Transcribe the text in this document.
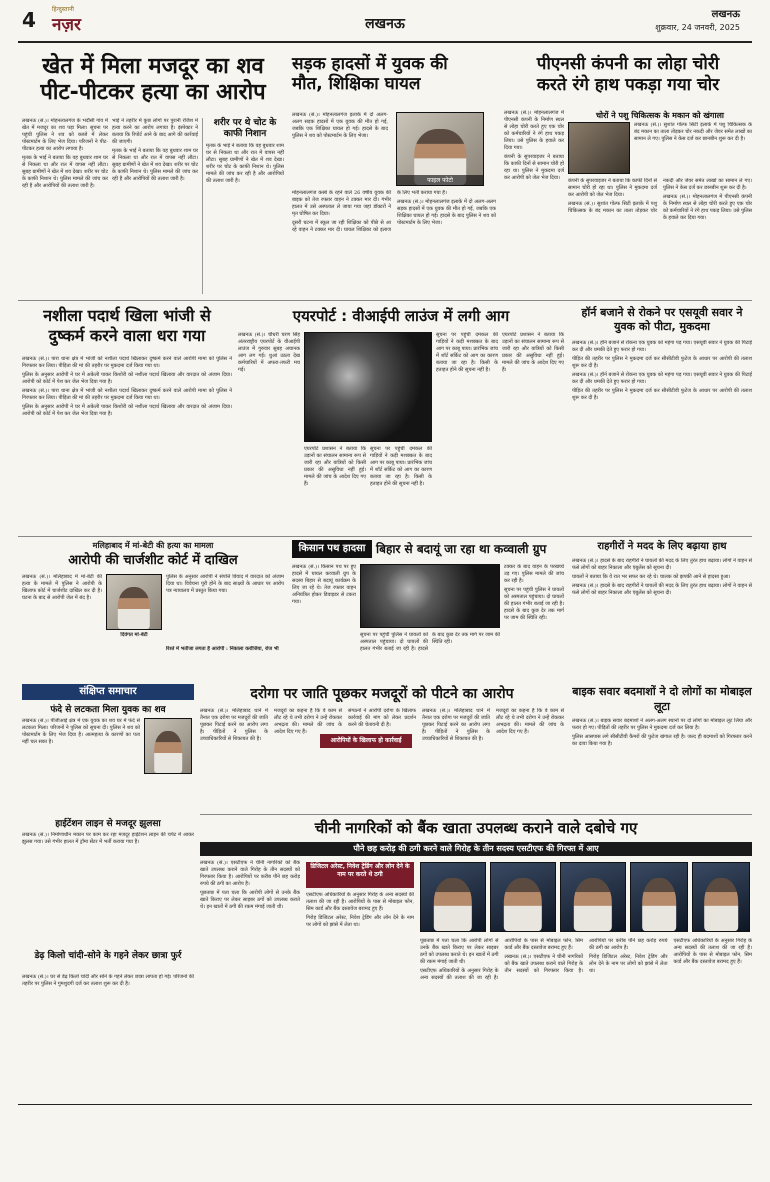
4	हिन्दुस्तानी
नज़र	लखनऊ
लखनऊ
शुक्रवार, 24 जनवरी, 2025
खेत में मिला मजदूर का शव
पीट-पीटकर हत्या का आरोप

लखनऊ (सं.)। मोहनलालगंज के भदौसी गांव में खेत में मजदूर का शव पड़ा मिला। सूचना पर पहुंची पुलिस ने शव को कब्जे में लेकर पोस्टमार्टम के लिए भेज दिया। परिजनों ने पीट-पीटकर हत्या का आरोप लगाया है।

मृतक के भाई ने बताया कि वह बुधवार शाम घर से निकला था और रात में वापस नहीं लौटा। सुबह ग्रामीणों ने खेत में शव देखा। शरीर पर चोट के काफी निशान थे। पुलिस मामले की जांच कर रही है और आरोपियों की तलाश जारी है।

भाई ने तहरीर में कुछ लोगों पर पुरानी रंजिश में हत्या करने का आरोप लगाया है। इंस्पेक्टर ने बताया कि रिपोर्ट आने के बाद आगे की कार्रवाई की जाएगी।

मृतक के भाई ने बताया कि वह बुधवार शाम घर से निकला था और रात में वापस नहीं लौटा। सुबह ग्रामीणों ने खेत में शव देखा। शरीर पर चोट के काफी निशान थे। पुलिस मामले की जांच कर रही है और आरोपियों की तलाश जारी है।

शरीर पर थे चोट के काफी निशान
मृतक के भाई ने बताया कि वह बुधवार शाम घर से निकला था और रात में वापस नहीं लौटा। सुबह ग्रामीणों ने खेत में शव देखा। शरीर पर चोट के काफी निशान थे। पुलिस मामले की जांच कर रही है और आरोपियों की तलाश जारी है।
सड़क हादसों में युवक की
मौत, शिक्षिका घायल
लखनऊ (सं.)। मोहनलालगंज इलाके में दो अलग-अलग सड़क हादसों में एक युवक की मौत हो गई, जबकि एक शिक्षिका घायल हो गई। हादसे के बाद पुलिस ने शव को पोस्टमार्टम के लिए भेजा।
फाइल फोटो

मोहनलालगंज कस्बे के रहने वाले 26 वर्षीय युवक की बाइक को तेज रफ्तार वाहन ने टक्कर मार दी। गंभीर हालत में उसे अस्पताल ले जाया गया जहां डॉक्टरों ने मृत घोषित कर दिया।

दूसरी घटना में स्कूल जा रही शिक्षिका को पीछे से आ रहे वाहन ने टक्कर मार दी। घायल शिक्षिका को इलाज के लिए भर्ती कराया गया है।

लखनऊ (सं.)। मोहनलालगंज इलाके में दो अलग-अलग सड़क हादसों में एक युवक की मौत हो गई, जबकि एक शिक्षिका घायल हो गई। हादसे के बाद पुलिस ने शव को पोस्टमार्टम के लिए भेजा।

पीएनसी कंपनी का लोहा चोरी
करते रंगे हाथ पकड़ा गया चोर

लखनऊ (सं.)। मोहनलालगंज में पीएनसी कंपनी के निर्माण स्थल से लोहा चोरी करते हुए एक चोर को कर्मचारियों ने रंगे हाथ पकड़ लिया। उसे पुलिस के हवाले कर दिया गया।

कंपनी के सुपरवाइजर ने बताया कि काफी दिनों से सामान चोरी हो रहा था। पुलिस ने मुकदमा दर्ज कर आरोपी को जेल भेज दिया।

चोरों ने पशु चिकित्सक के मकान को खंगाला
लखनऊ (सं.)। सुशांत गोल्फ सिटी इलाके में पशु चिकित्सक के बंद मकान का ताला तोड़कर चोर नकदी और जेवर समेत लाखों का सामान ले गए। पुलिस ने केस दर्ज कर छानबीन शुरू कर दी है।

कंपनी के सुपरवाइजर ने बताया कि काफी दिनों से सामान चोरी हो रहा था। पुलिस ने मुकदमा दर्ज कर आरोपी को जेल भेज दिया।

लखनऊ (सं.)। सुशांत गोल्फ सिटी इलाके में पशु चिकित्सक के बंद मकान का ताला तोड़कर चोर नकदी और जेवर समेत लाखों का सामान ले गए। पुलिस ने केस दर्ज कर छानबीन शुरू कर दी है।

लखनऊ (सं.)। मोहनलालगंज में पीएनसी कंपनी के निर्माण स्थल से लोहा चोरी करते हुए एक चोर को कर्मचारियों ने रंगे हाथ पकड़ लिया। उसे पुलिस के हवाले कर दिया गया।

नशीला पदार्थ खिला भांजी से
दुष्कर्म करने वाला धरा गया

लखनऊ (सं.)। पारा थाना क्षेत्र में भांजी को नशीला पदार्थ खिलाकर दुष्कर्म करने वाले आरोपी मामा को पुलिस ने गिरफ्तार कर लिया। पीड़िता की मां की तहरीर पर मुकदमा दर्ज किया गया था।

पुलिस के अनुसार आरोपी ने घर में अकेली पाकर किशोरी को नशीला पदार्थ खिलाया और वारदात को अंजाम दिया। आरोपी को कोर्ट में पेश कर जेल भेज दिया गया है।

लखनऊ (सं.)। पारा थाना क्षेत्र में भांजी को नशीला पदार्थ खिलाकर दुष्कर्म करने वाले आरोपी मामा को पुलिस ने गिरफ्तार कर लिया। पीड़िता की मां की तहरीर पर मुकदमा दर्ज किया गया था।

पुलिस के अनुसार आरोपी ने घर में अकेली पाकर किशोरी को नशीला पदार्थ खिलाया और वारदात को अंजाम दिया। आरोपी को कोर्ट में पेश कर जेल भेज दिया गया है।

एयरपोर्ट : वीआईपी लाउंज में लगी आग
लखनऊ (सं.)। चौधरी चरण सिंह अंतरराष्ट्रीय एयरपोर्ट के वीआईपी लाउंज में गुरुवार सुबह अचानक आग लग गई। धुआं उठता देख कर्मचारियों में अफरा-तफरी मच गई।
सूचना पर पहुंची दमकल की गाड़ियों ने कड़ी मशक्कत के बाद आग पर काबू पाया। प्रारंभिक जांच में शॉर्ट सर्किट को आग का कारण बताया जा रहा है। किसी के हताहत होने की सूचना नहीं है।
एयरपोर्ट प्रशासन ने बताया कि उड़ानों का संचालन सामान्य रूप से जारी रहा और यात्रियों को किसी प्रकार की असुविधा नहीं हुई। मामले की जांच के आदेश दिए गए हैं।

एयरपोर्ट प्रशासन ने बताया कि उड़ानों का संचालन सामान्य रूप से जारी रहा और यात्रियों को किसी प्रकार की असुविधा नहीं हुई। मामले की जांच के आदेश दिए गए हैं।

सूचना पर पहुंची दमकल की गाड़ियों ने कड़ी मशक्कत के बाद आग पर काबू पाया। प्रारंभिक जांच में शॉर्ट सर्किट को आग का कारण बताया जा रहा है। किसी के हताहत होने की सूचना नहीं है।

हॉर्न बजाने से रोकने पर एसयूवी सवार ने युवक को पीटा, मुकदमा

लखनऊ (सं.)। हॉर्न बजाने से रोकना एक युवक को महंगा पड़ गया। एसयूवी सवार ने युवक की पिटाई कर दी और धमकी देते हुए फरार हो गया।

पीड़ित की तहरीर पर पुलिस ने मुकदमा दर्ज कर सीसीटीवी फुटेज के आधार पर आरोपी की तलाश शुरू कर दी है।

लखनऊ (सं.)। हॉर्न बजाने से रोकना एक युवक को महंगा पड़ गया। एसयूवी सवार ने युवक की पिटाई कर दी और धमकी देते हुए फरार हो गया।

पीड़ित की तहरीर पर पुलिस ने मुकदमा दर्ज कर सीसीटीवी फुटेज के आधार पर आरोपी की तलाश शुरू कर दी है।

मलिहाबाद में मां-बेटी की हत्या का मामला
आरोपी की चार्जशीट कोर्ट में दाखिल
लखनऊ (सं.)। मलिहाबाद में मां-बेटी की हत्या के मामले में पुलिस ने आरोपी के खिलाफ कोर्ट में चार्जशीट दाखिल कर दी है। घटना के बाद से आरोपी जेल में बंद है।
दिवंगत मां-बेटी
पुलिस के अनुसार आरोपी ने संपत्ति विवाद में वारदात को अंजाम दिया था। विवेचना पूरी होने के बाद साक्ष्यों के आधार पर आरोप पत्र न्यायालय में प्रस्तुत किया गया।
रिश्ते में भतीजा लगता है आरोपी : निकाला करोंजिया, रोज भी
किसान पथ हादसा बिहार से बदायूं जा रहा था कव्वाली ग्रुप
लखनऊ (सं.)। किसान पथ पर हुए हादसे में घायल कव्वाली ग्रुप के सदस्य बिहार से बदायूं कार्यक्रम के लिए जा रहे थे। तेज रफ्तार वाहन अनियंत्रित होकर डिवाइडर से टकरा गया।

सूचना पर पहुंची पुलिस ने घायलों को अस्पताल पहुंचाया। दो घायलों की हालत गंभीर बताई जा रही है। हादसे के बाद कुछ देर तक मार्ग पर जाम की स्थिति रही।

टक्कर के बाद वाहन के परखच्चे उड़ गए। पुलिस मामले की जांच कर रही है।

सूचना पर पहुंची पुलिस ने घायलों को अस्पताल पहुंचाया। दो घायलों की हालत गंभीर बताई जा रही है। हादसे के बाद कुछ देर तक मार्ग पर जाम की स्थिति रही।

राहगीरों ने मदद के लिए बढ़ाया हाथ

लखनऊ (सं.)। हादसे के बाद राहगीरों ने घायलों की मदद के लिए तुरंत हाथ बढ़ाया। लोगों ने वाहन से फंसे लोगों को बाहर निकाला और एंबुलेंस को सूचना दी।

घायलों ने बताया कि वे रात भर सफर कर रहे थे। चालक को झपकी आने से हादसा हुआ।

लखनऊ (सं.)। हादसे के बाद राहगीरों ने घायलों की मदद के लिए तुरंत हाथ बढ़ाया। लोगों ने वाहन से फंसे लोगों को बाहर निकाला और एंबुलेंस को सूचना दी।

संक्षिप्त समाचार
फंदे से लटकता मिला युवक का शव
लखनऊ (सं.)। पीजीआई क्षेत्र में एक युवक का शव घर में फंदे से लटकता मिला। परिजनों ने पुलिस को सूचना दी। पुलिस ने शव को पोस्टमार्टम के लिए भेज दिया है। आत्महत्या के कारणों का पता नहीं चल सका है।
हाईटेंशन लाइन से मजदूर झुलसा
लखनऊ (सं.)। निर्माणाधीन मकान पर काम कर रहा मजदूर हाईटेंशन लाइन की चपेट में आकर झुलस गया। उसे गंभीर हालत में ट्रॉमा सेंटर में भर्ती कराया गया है।
डेढ़ किलो चांदी-सोने के गहने लेकर छात्रा फुर्र
लखनऊ (सं.)। घर से डेढ़ किलो चांदी और सोने के गहने लेकर छात्रा लापता हो गई। परिजनों की तहरीर पर पुलिस ने गुमशुदगी दर्ज कर तलाश शुरू कर दी है।
दरोगा पर जाति पूछकर मजदूरों को पीटने का आरोप

लखनऊ (सं.)। मलिहाबाद थाने में तैनात एक दरोगा पर मजदूरों की जाति पूछकर पिटाई करने का आरोप लगा है। पीड़ितों ने पुलिस के उच्चाधिकारियों से शिकायत की है।

मजदूरों का कहना है कि वे काम से लौट रहे थे तभी दरोगा ने उन्हें रोककर अभद्रता की। मामले की जांच के आदेश दिए गए हैं।

संगठनों ने आरोपी दरोगा के खिलाफ कार्रवाई की मांग को लेकर प्रदर्शन करने की चेतावनी दी है।

लखनऊ (सं.)। मलिहाबाद थाने में तैनात एक दरोगा पर मजदूरों की जाति पूछकर पिटाई करने का आरोप लगा है। पीड़ितों ने पुलिस के उच्चाधिकारियों से शिकायत की है।

मजदूरों का कहना है कि वे काम से लौट रहे थे तभी दरोगा ने उन्हें रोककर अभद्रता की। मामले की जांच के आदेश दिए गए हैं।

आरोपियों के खिलाफ हो कार्रवाई
बाइक सवार बदमाशों ने दो लोगों का मोबाइल लूटा

लखनऊ (सं.)। बाइक सवार बदमाशों ने अलग-अलग स्थानों पर दो लोगों का मोबाइल लूट लिया और फरार हो गए। पीड़ितों की तहरीर पर पुलिस ने मुकदमा दर्ज कर लिया है।

पुलिस आसपास लगे सीसीटीवी कैमरों की फुटेज खंगाल रही है। जल्द ही बदमाशों को गिरफ्तार करने का दावा किया गया है।

चीनी नागरिकों को बैंक खाता उपलब्ध कराने वाले दबोचे गए
पौने छह करोड़ की ठगी करने वाले गिरोह के तीन सदस्य एसटीएफ की गिरफ्त में आए

लखनऊ (सं.)। एसटीएफ ने चीनी नागरिकों को बैंक खाते उपलब्ध कराने वाले गिरोह के तीन सदस्यों को गिरफ्तार किया है। आरोपियों पर करीब पौने छह करोड़ रुपये की ठगी का आरोप है।

पूछताछ में पता चला कि आरोपी लोगों से उनके बैंक खाते किराए पर लेकर साइबर ठगों को उपलब्ध कराते थे। इन खातों में ठगी की रकम मंगाई जाती थी।

डिजिटल अरेस्ट, निवेश ट्रेडिंग और लोन देने के नाम पर करते थे ठगी

एसटीएफ अधिकारियों के अनुसार गिरोह के अन्य सदस्यों की तलाश की जा रही है। आरोपियों के पास से मोबाइल फोन, सिम कार्ड और बैंक दस्तावेज बरामद हुए हैं।

गिरोह डिजिटल अरेस्ट, निवेश ट्रेडिंग और लोन देने के नाम पर लोगों को झांसे में लेता था।

पूछताछ में पता चला कि आरोपी लोगों से उनके बैंक खाते किराए पर लेकर साइबर ठगों को उपलब्ध कराते थे। इन खातों में ठगी की रकम मंगाई जाती थी।

एसटीएफ अधिकारियों के अनुसार गिरोह के अन्य सदस्यों की तलाश की जा रही है। आरोपियों के पास से मोबाइल फोन, सिम कार्ड और बैंक दस्तावेज बरामद हुए हैं।

लखनऊ (सं.)। एसटीएफ ने चीनी नागरिकों को बैंक खाते उपलब्ध कराने वाले गिरोह के तीन सदस्यों को गिरफ्तार किया है। आरोपियों पर करीब पौने छह करोड़ रुपये की ठगी का आरोप है।

गिरोह डिजिटल अरेस्ट, निवेश ट्रेडिंग और लोन देने के नाम पर लोगों को झांसे में लेता था।

एसटीएफ अधिकारियों के अनुसार गिरोह के अन्य सदस्यों की तलाश की जा रही है। आरोपियों के पास से मोबाइल फोन, सिम कार्ड और बैंक दस्तावेज बरामद हुए हैं।
